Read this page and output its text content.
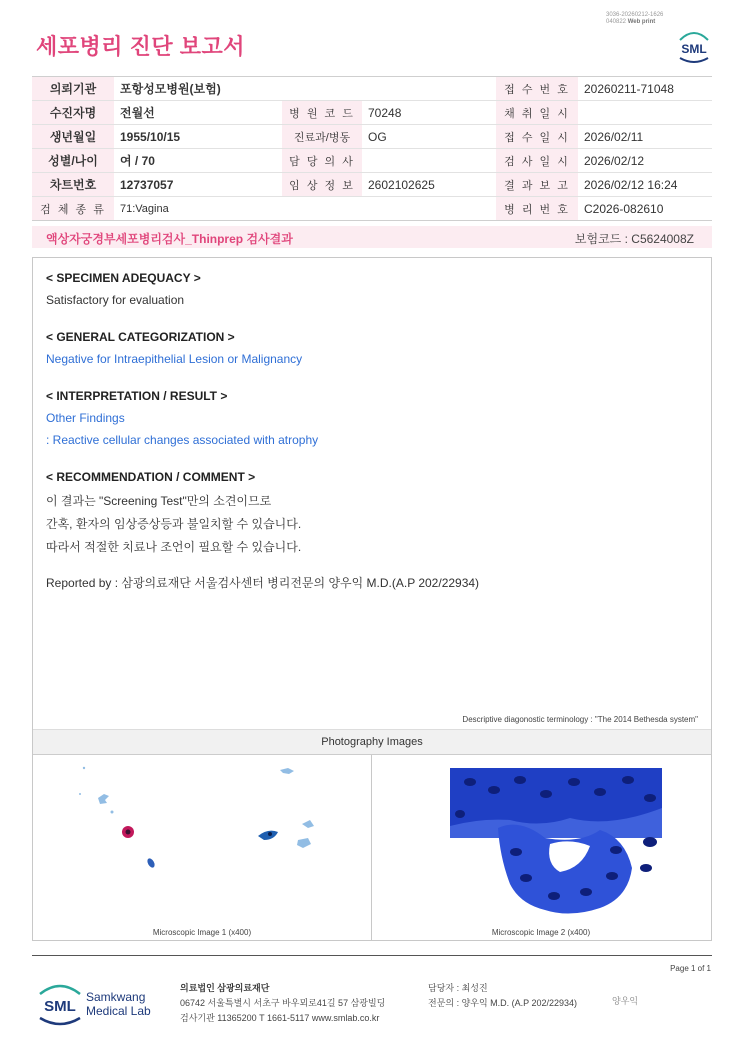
세포병리 진단 보고서
3036-20260212-1626
040822 Web print
SML
의뢰기관	포항성모병원(보험)			접 수 번 호	20260211-71048
수진자명	전월선	병 원 코 드	70248	채 취 일 시	
생년월일	1955/10/15	진료과/병동	OG	접 수 일 시	2026/02/11
성별/나이	여 / 70	담 당 의 사		검 사 일 시	2026/02/12
차트번호	12737057	임 상 정 보	2602102625	결 과 보 고	2026/02/12 16:24
검 체 종 류	71:Vagina			병 리 번 호	C2026-082610
액상자궁경부세포병리검사_Thinprep 검사결과	보험코드 : C5624008Z
< SPECIMEN ADEQUACY >
Satisfactory for evaluation
< GENERAL CATEGORIZATION >
Negative for Intraepithelial Lesion or Malignancy
< INTERPRETATION / RESULT >
Other Findings
: Reactive cellular changes associated with atrophy
< RECOMMENDATION / COMMENT >
이 결과는 "Screening Test"만의 소견이므로
간혹, 환자의 임상증상등과 불일치할 수 있습니다.
따라서 적절한 치료나 조언이 필요할 수 있습니다.
Reported by : 삼광의료재단 서울검사센터 병리전문의 양우익 M.D.(A.P 202/22934)
Descriptive diagonostic terminology : "The 2014 Bethesda system"
Photography Images
Microscopic Image 1 (x400)	Microscopic Image 2 (x400)
Page 1 of 1
SML
Samkwang
Medical Lab
의료법인 삼광의료재단
06742 서울특별시 서초구 바우뫼로41길 57 삼광빌딩
검사기관 11365200 T 1661-5117 www.smlab.co.kr
담당자 : 최성진
전문의 : 양우익 M.D. (A.P 202/22934)	양우익
